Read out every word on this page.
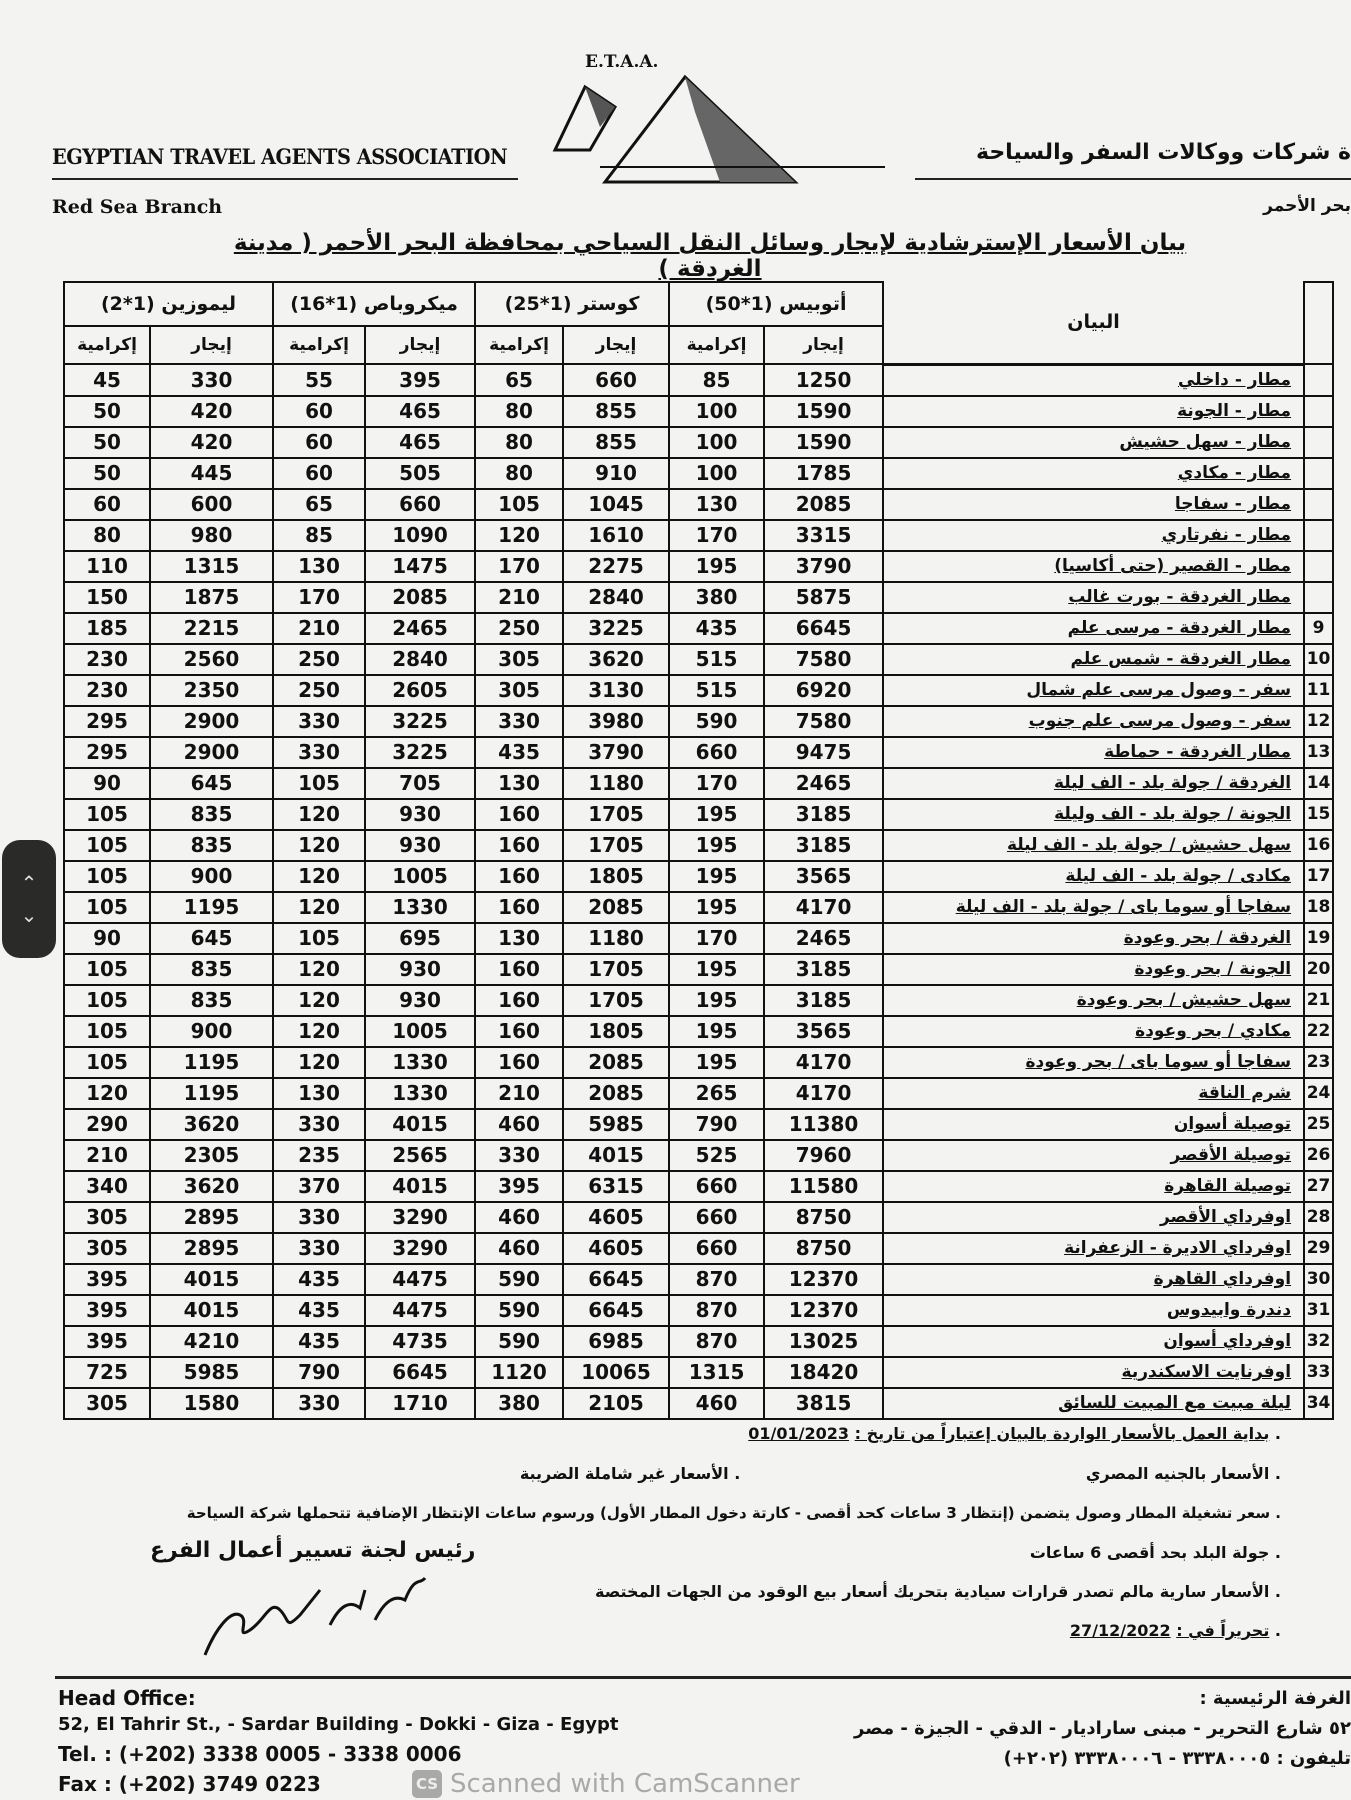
E.T.A.A.
EGYPTIAN TRAVEL AGENTS ASSOCIATION
Red Sea Branch
ة شركات ووكالات السفر والسياحة
بحر الأحمر
بيان الأسعار الإسترشادية لإيجار وسائل النقل السياحي بمحافظة البحر الأحمر ( مدينة الغردقة )
	البيان	أتوبيس (1*50)		كوستر (1*25)		ميكروباص (1*16)		ليموزين (1*2)	
		إيجار	إكرامية	إيجار	إكرامية	إيجار	إكرامية	إيجار	إكرامية
	مطار - داخلي	1250	85	660	65	395	55	330	45
	مطار - الجونة	1590	100	855	80	465	60	420	50
	مطار - سهل حشيش	1590	100	855	80	465	60	420	50
	مطار - مكادي	1785	100	910	80	505	60	445	50
	مطار - سفاجا	2085	130	1045	105	660	65	600	60
	مطار - نفرتاري	3315	170	1610	120	1090	85	980	80
	مطار - القصير (حتى أكاسيا)	3790	195	2275	170	1475	130	1315	110
	مطار الغردقة - بورت غالب	5875	380	2840	210	2085	170	1875	150
9	مطار الغردقة - مرسى علم	6645	435	3225	250	2465	210	2215	185
10	مطار الغردقة - شمس علم	7580	515	3620	305	2840	250	2560	230
11	سفر - وصول مرسى علم شمال	6920	515	3130	305	2605	250	2350	230
12	سفر - وصول مرسى علم جنوب	7580	590	3980	330	3225	330	2900	295
13	مطار الغردقة - حماطة	9475	660	3790	435	3225	330	2900	295
14	الغردقة / جولة بلد - الف ليلة	2465	170	1180	130	705	105	645	90
15	الجونة / جولة بلد - الف وليلة	3185	195	1705	160	930	120	835	105
16	سهل حشيش / جولة بلد - الف ليلة	3185	195	1705	160	930	120	835	105
17	مكادى / جولة بلد - الف ليلة	3565	195	1805	160	1005	120	900	105
18	سفاجا أو سوما باى / جولة بلد - الف ليلة	4170	195	2085	160	1330	120	1195	105
19	الغردقة / بحر وعودة	2465	170	1180	130	695	105	645	90
20	الجونة / بحر وعودة	3185	195	1705	160	930	120	835	105
21	سهل حشيش / بحر وعودة	3185	195	1705	160	930	120	835	105
22	مكادي / بحر وعودة	3565	195	1805	160	1005	120	900	105
23	سفاجا أو سوما باى / بحر وعودة	4170	195	2085	160	1330	120	1195	105
24	شرم الناقة	4170	265	2085	210	1330	130	1195	120
25	توصيلة أسوان	11380	790	5985	460	4015	330	3620	290
26	توصيلة الأقصر	7960	525	4015	330	2565	235	2305	210
27	توصيلة القاهرة	11580	660	6315	395	4015	370	3620	340
28	اوفرداي الأقصر	8750	660	4605	460	3290	330	2895	305
29	اوفرداي الاديرة - الزعفرانة	8750	660	4605	460	3290	330	2895	305
30	اوفرداي القاهرة	12370	870	6645	590	4475	435	4015	395
31	دندرة وابيدوس	12370	870	6645	590	4475	435	4015	395
32	اوفرداي أسوان	13025	870	6985	590	4735	435	4210	395
33	اوفرنايت الاسكندرية	18420	1315	10065	1120	6645	790	5985	725
34	ليلة مبيت مع المبيت للسائق	3815	460	2105	380	1710	330	1580	305
. بداية العمل بالأسعار الواردة بالبيان إعتباراً من تاريخ : 01/01/2023
. الأسعار بالجنيه المصري . الأسعار غير شاملة الضريبة
. سعر تشغيلة المطار وصول يتضمن (إنتظار 3 ساعات كحد أقصى - كارتة دخول المطار الأول) ورسوم ساعات الإنتظار الإضافية تتحملها شركة السياحة
. جولة البلد بحد أقصى 6 ساعات
. الأسعار سارية مالم تصدر قرارات سيادية بتحريك أسعار بيع الوقود من الجهات المختصة
. تحريراً في : 27/12/2022
رئيس لجنة تسيير أعمال الفرع
Head Office:
52, El Tahrir St., - Sardar Building - Dokki - Giza - Egypt
Tel. : (+202) 3338 0005 - 3338 0006
Fax : (+202) 3749 0223
الغرفة الرئيسية :
٥٢ شارع التحرير - مبنى ساراديار - الدقي - الجيزة - مصر
تليفون : ٣٣٣٨٠٠٠٥ - ٣٣٣٨٠٠٠٦ (٢٠٢+)
CS Scanned with CamScanner
⌃
⌄
